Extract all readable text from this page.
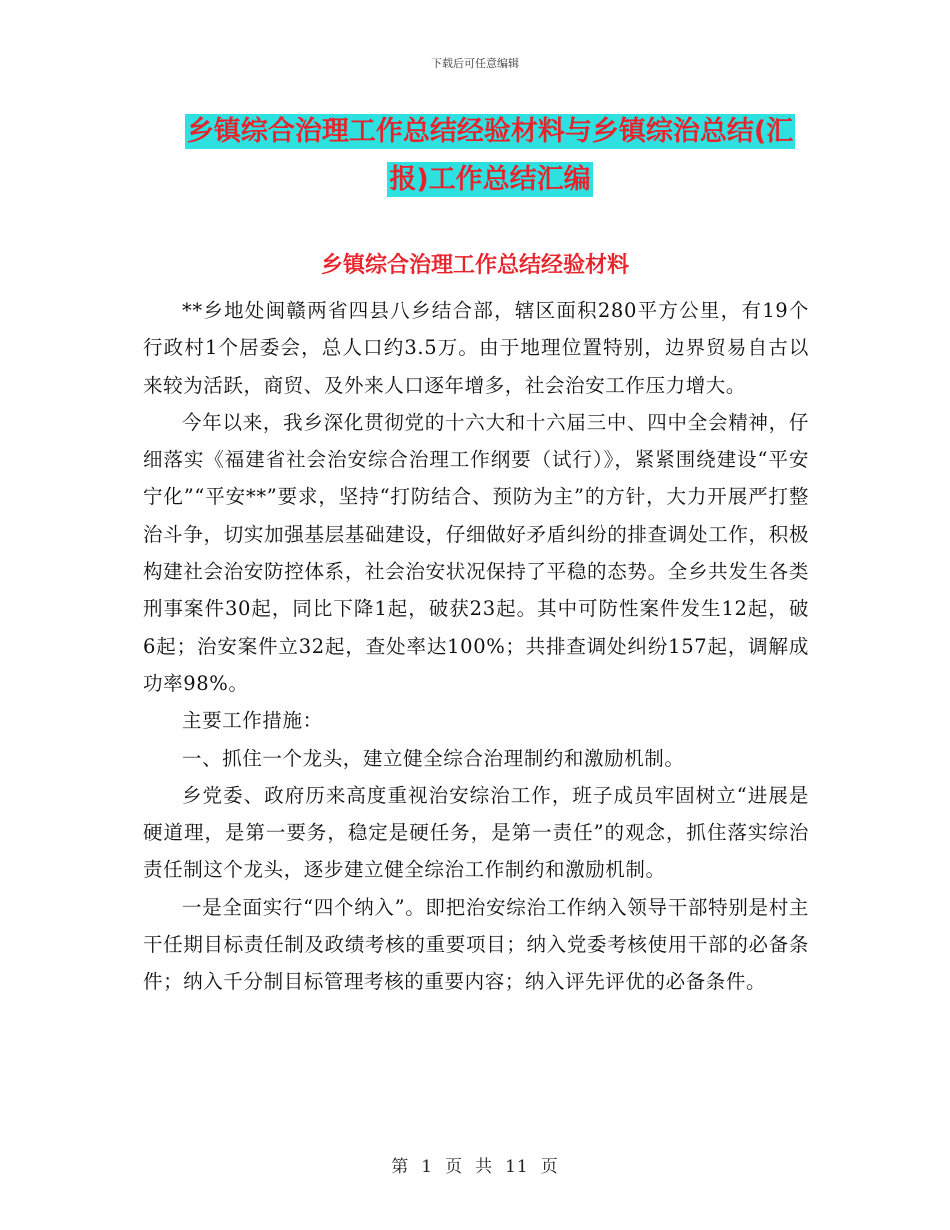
下载后可任意编辑
乡镇综合治理工作总结经验材料与乡镇综治总结(汇
报)工作总结汇编
乡镇综合治理工作总结经验材料

**乡地处闽赣两省四县八乡结合部，辖区面积280平方公里，有19个行政村1个居委会，总人口约3.5万。由于地理位置特别，边界贸易自古以来较为活跃，商贸、及外来人口逐年增多，社会治安工作压力增大。

今年以来，我乡深化贯彻党的十六大和十六届三中、四中全会精神，仔细落实《福建省社会治安综合治理工作纲要（试行）》，紧紧围绕建设“平安宁化”“平安**”要求，坚持“打防结合、预防为主”的方针，大力开展严打整治斗争，切实加强基层基础建设，仔细做好矛盾纠纷的排查调处工作，积极构建社会治安防控体系，社会治安状况保持了平稳的态势。全乡共发生各类刑事案件30起，同比下降1起，破获23起。其中可防性案件发生12起，破6起；治安案件立32起，查处率达100%；共排查调处纠纷157起，调解成功率98%。

主要工作措施：

一、抓住一个龙头，建立健全综合治理制约和激励机制。

乡党委、政府历来高度重视治安综治工作，班子成员牢固树立“进展是硬道理，是第一要务，稳定是硬任务，是第一责任”的观念，抓住落实综治责任制这个龙头，逐步建立健全综治工作制约和激励机制。

一是全面实行“四个纳入”。即把治安综治工作纳入领导干部特别是村主干任期目标责任制及政绩考核的重要项目；纳入党委考核使用干部的必备条件；纳入千分制目标管理考核的重要内容；纳入评先评优的必备条件。

第 1 页 共 11 页
